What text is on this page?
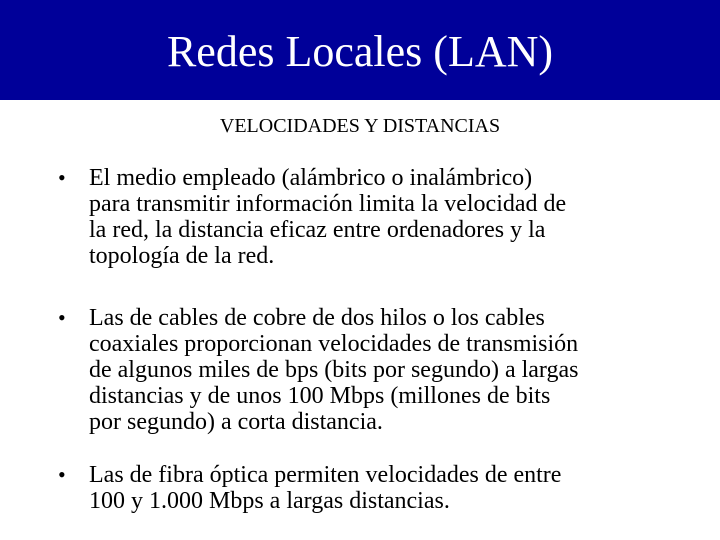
Redes Locales (LAN)
VELOCIDADES Y DISTANCIAS
• El medio empleado (alámbrico o inalámbrico)
para transmitir información limita la velocidad de
la red, la distancia eficaz entre ordenadores y la
topología de la red.
• Las de cables de cobre de dos hilos o los cables
coaxiales proporcionan velocidades de transmisión
de algunos miles de bps (bits por segundo) a largas
distancias y de unos 100 Mbps (millones de bits
por segundo) a corta distancia.
• Las de fibra óptica permiten velocidades de entre
100 y 1.000 Mbps a largas distancias.
